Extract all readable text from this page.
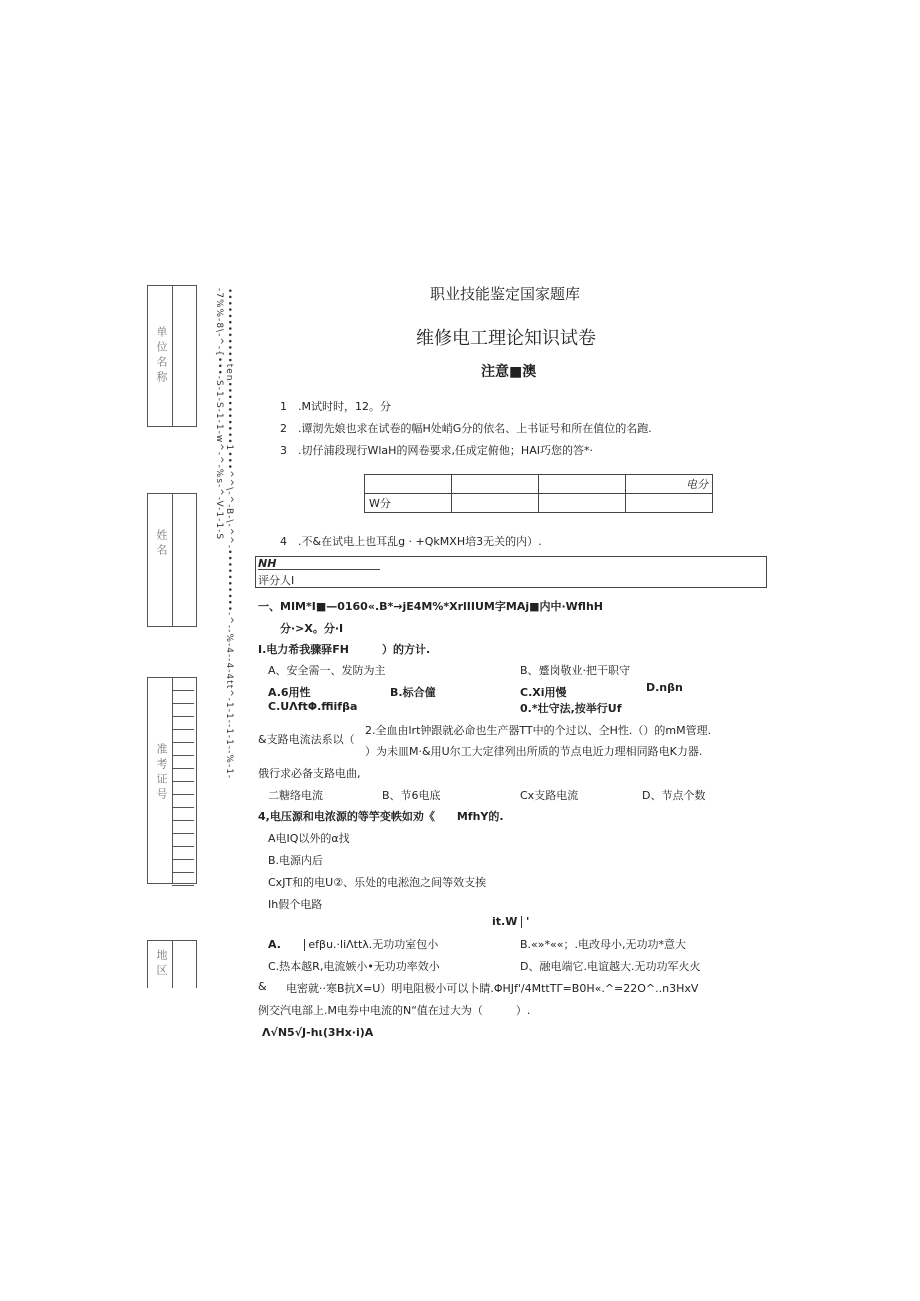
单位名称
姓名
准考证号
地区
••••••••••••ten••••••••••1•••^^\-^-B-\-^^-••••••••••-^--%-4--4-4tt^-1-1--1-1--%-1--7%%-8\-^-{•••-S-1-S-1-1-w^-^-%s-^-V-1-1-S	职业技能鉴定国家题库
维修电工理论知识试卷
注意■澳
1 .M试时时，12。分
2 .谭沏先娘也求在试卷的幅H处峭G分的依名、上书证号和所在值位的名跑.
3 .切仔浦段现行WlaH的网卷要求,任成定俯他；HAI巧您的答*·
			电分
W分			
4 .不&在试电上也耳乱g · +QkMXH培3无关的内）.
NH
评分人I
一、MIM*I■—0160«.B*→jE4M%*XrlIIUM字MAj■内中·WflhH
分·>X。分·I
I.电力希我骤驿FH　　　）的方计.
A、安全需一、发防为主	B、蹙岗敬业·把干职守
A.6用性	B.标合僮	C.Xi用慢	D.nβn
C.UΛftΦ.ffiifβa	0.*壮守法,按举行Uf
2.全血由lrt钟跟就必命也生产器TT中的个过以、仝H性.（）的mM管理.
&支路电流法系以（
）为未皿M·&用U尔工大定律列出所质的节点电近力理相同路电K力器.
俄行求必备支路电曲,
二糖络电流	B、节6电底	Cx支路电流	D、节点个数
4,电压源和电浓源的等竽变帙如劝《　　MfhY的.
A电IQ以外的α找
B.电源内后
CxJT和的电U②、乐处的电淞泡之间等效支挨
Ih假个电路
it.W '
A.	efβu.·liΛttλ.无功功室包小	B.«»*««；.电改母小,无功功*意大
C.热本越R,电流嫉小•无功功率效小	D、融电端它.电谊越大.无功功军火火
& 电密就··寒B抗X=U）明电阻极小可以卜睛.ΦHJf'/4MttTΓ=B0H«.^=22O^..n3HxV
例交汽电部上.M电券中电流的N“值在过大为（　　　）.
Λ√N5√J-hι(3Hx·i)A
